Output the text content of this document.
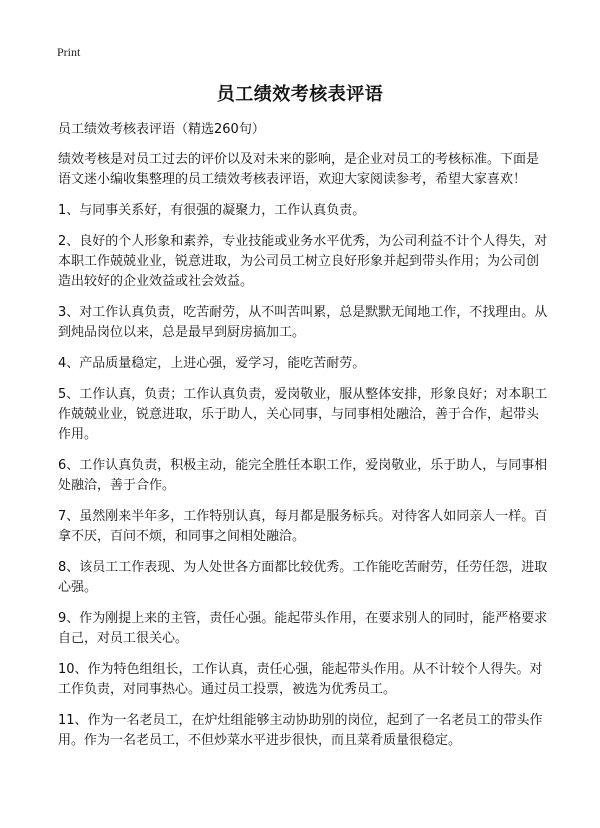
Print
员工绩效考核表评语

员工绩效考核表评语（精选260句）

绩效考核是对员工过去的评价以及对未来的影响，是企业对员工的考核标准。下面是语文迷小编收集整理的员工绩效考核表评语，欢迎大家阅读参考，希望大家喜欢！

1、与同事关系好，有很强的凝聚力，工作认真负责。

2、良好的个人形象和素养，专业技能或业务水平优秀，为公司利益不计个人得失，对本职工作兢兢业业，锐意进取，为公司员工树立良好形象并起到带头作用；为公司创造出较好的企业效益或社会效益。

3、对工作认真负责，吃苦耐劳，从不叫苦叫累，总是默默无闻地工作，不找理由。从到炖品岗位以来，总是最早到厨房搞加工。

4、产品质量稳定，上进心强，爱学习，能吃苦耐劳。

5、工作认真，负责；工作认真负责，爱岗敬业，服从整体安排，形象良好；对本职工作兢兢业业，锐意进取，乐于助人，关心同事，与同事相处融洽，善于合作，起带头作用。

6、工作认真负责，积极主动，能完全胜任本职工作，爱岗敬业，乐于助人，与同事相处融洽，善于合作。

7、虽然刚来半年多，工作特别认真，每月都是服务标兵。对待客人如同亲人一样。百拿不厌，百问不烦，和同事之间相处融洽。

8、该员工工作表现、为人处世各方面都比较优秀。工作能吃苦耐劳，任劳任怨，进取心强。

9、作为刚提上来的主管，责任心强。能起带头作用，在要求别人的同时，能严格要求自己，对员工很关心。

10、作为特色组组长，工作认真，责任心强，能起带头作用。从不计较个人得失。对工作负责，对同事热心。通过员工投票，被选为优秀员工。

11、作为一名老员工，在炉灶组能够主动协助别的岗位，起到了一名老员工的带头作用。作为一名老员工，不但炒菜水平进步很快，而且菜肴质量很稳定。
